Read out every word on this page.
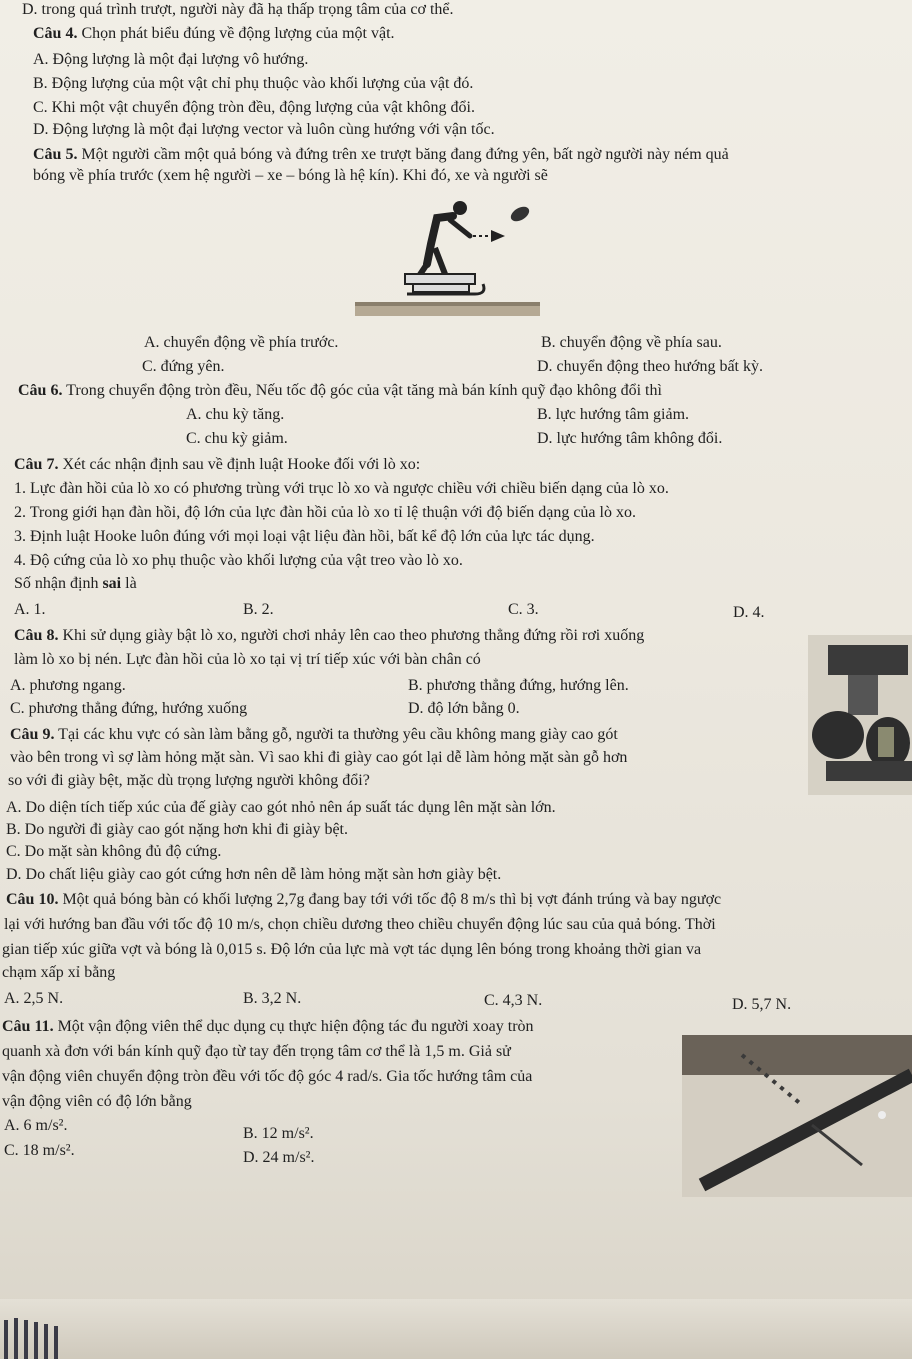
D. trong quá trình trượt, người này đã hạ thấp trọng tâm của cơ thể.
Câu 4. Chọn phát biểu đúng về động lượng của một vật.
A. Động lượng là một đại lượng vô hướng.
B. Động lượng của một vật chỉ phụ thuộc vào khối lượng của vật đó.
C. Khi một vật chuyển động tròn đều, động lượng của vật không đổi.
D. Động lượng là một đại lượng vector và luôn cùng hướng với vận tốc.
Câu 5. Một người cầm một quả bóng và đứng trên xe trượt băng đang đứng yên, bất ngờ người này ném quả
bóng về phía trước (xem hệ người – xe – bóng là hệ kín). Khi đó, xe và người sẽ
A. chuyển động về phía trước.	B. chuyển động về phía sau.
C. đứng yên.	D. chuyển động theo hướng bất kỳ.
Câu 6. Trong chuyển động tròn đều, Nếu tốc độ góc của vật tăng mà bán kính quỹ đạo không đổi thì
A. chu kỳ tăng.	B. lực hướng tâm giảm.
C. chu kỳ giảm.	D. lực hướng tâm không đổi.
Câu 7. Xét các nhận định sau về định luật Hooke đối với lò xo:
1. Lực đàn hồi của lò xo có phương trùng với trục lò xo và ngược chiều với chiều biến dạng của lò xo.
2. Trong giới hạn đàn hồi, độ lớn của lực đàn hồi của lò xo tỉ lệ thuận với độ biến dạng của lò xo.
3. Định luật Hooke luôn đúng với mọi loại vật liệu đàn hồi, bất kể độ lớn của lực tác dụng.
4. Độ cứng của lò xo phụ thuộc vào khối lượng của vật treo vào lò xo.
Số nhận định sai là
A. 1.	B. 2.	C. 3.	D. 4.
Câu 8. Khi sử dụng giày bật lò xo, người chơi nhảy lên cao theo phương thẳng đứng rồi rơi xuống
làm lò xo bị nén. Lực đàn hồi của lò xo tại vị trí tiếp xúc với bàn chân có
A. phương ngang.	B. phương thẳng đứng, hướng lên.
C. phương thẳng đứng, hướng xuống	D. độ lớn bằng 0.
Câu 9. Tại các khu vực có sàn làm bằng gỗ, người ta thường yêu cầu không mang giày cao gót
vào bên trong vì sợ làm hỏng mặt sàn. Vì sao khi đi giày cao gót lại dễ làm hỏng mặt sàn gỗ hơn
so với đi giày bệt, mặc dù trọng lượng người không đổi?
A. Do diện tích tiếp xúc của đế giày cao gót nhỏ nên áp suất tác dụng lên mặt sàn lớn.
B. Do người đi giày cao gót nặng hơn khi đi giày bệt.
C. Do mặt sàn không đủ độ cứng.
D. Do chất liệu giày cao gót cứng hơn nên dễ làm hỏng mặt sàn hơn giày bệt.
Câu 10. Một quả bóng bàn có khối lượng 2,7g đang bay tới với tốc độ 8 m/s thì bị vợt đánh trúng và bay ngược
lại với hướng ban đầu với tốc độ 10 m/s, chọn chiều dương theo chiều chuyển động lúc sau của quả bóng. Thời
gian tiếp xúc giữa vợt và bóng là 0,015 s. Độ lớn của lực mà vợt tác dụng lên bóng trong khoảng thời gian va
chạm xấp xỉ bằng
A. 2,5 N.	B. 3,2 N.	C. 4,3 N.	D. 5,7 N.
Câu 11. Một vận động viên thể dục dụng cụ thực hiện động tác đu người xoay tròn
quanh xà đơn với bán kính quỹ đạo từ tay đến trọng tâm cơ thể là 1,5 m. Giả sử
vận động viên chuyển động tròn đều với tốc độ góc 4 rad/s. Gia tốc hướng tâm của
vận động viên có độ lớn bằng
A. 6 m/s².	B. 12 m/s².
C. 18 m/s².	D. 24 m/s².
